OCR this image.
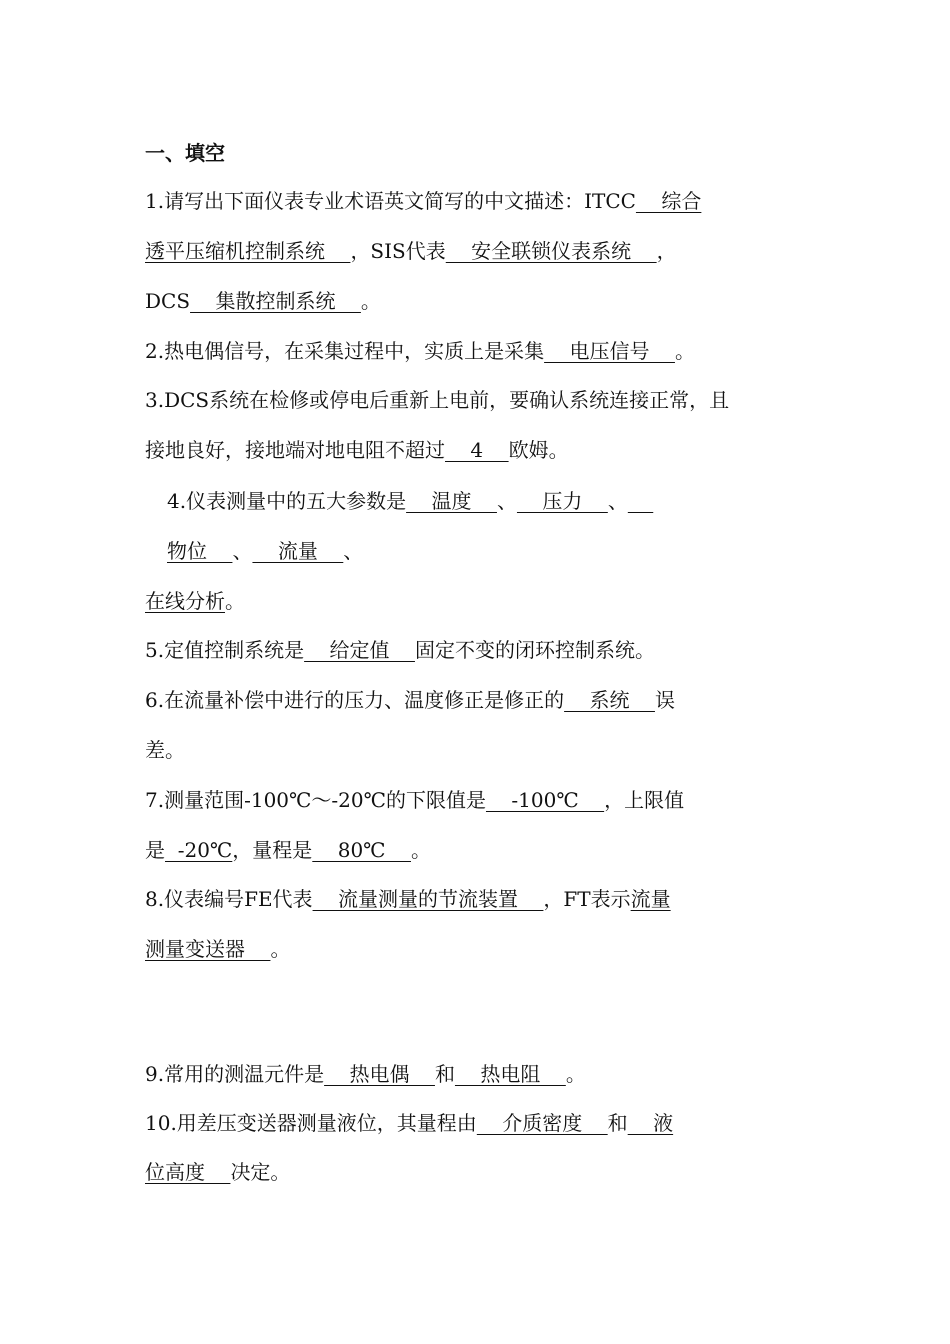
一、填空
1.请写出下面仪表专业术语英文简写的中文描述：ITCC    综合
透平压缩机控制系统    ，SIS代表    安全联锁仪表系统    ，
DCS    集散控制系统    。
2.热电偶信号，在采集过程中，实质上是采集    电压信号    。
3.DCS系统在检修或停电后重新上电前，要确认系统连接正常，且
接地良好，接地端对地电阻不超过    4    欧姆。
4.仪表测量中的五大参数是    温度    、    压力    、
物位    、    流量    、
在线分析。
5.定值控制系统是    给定值    固定不变的闭环控制系统。
6.在流量补偿中进行的压力、温度修正是修正的    系统    误
差。
7.测量范围-100℃～-20℃的下限值是    -100℃    ，上限值
是  -20℃，量程是    80℃    。
8.仪表编号FE代表    流量测量的节流装置    ，FT表示流量
测量变送器    。
9.常用的测温元件是    热电偶    和    热电阻    。
10.用差压变送器测量液位，其量程由    介质密度    和    液
位高度    决定。
